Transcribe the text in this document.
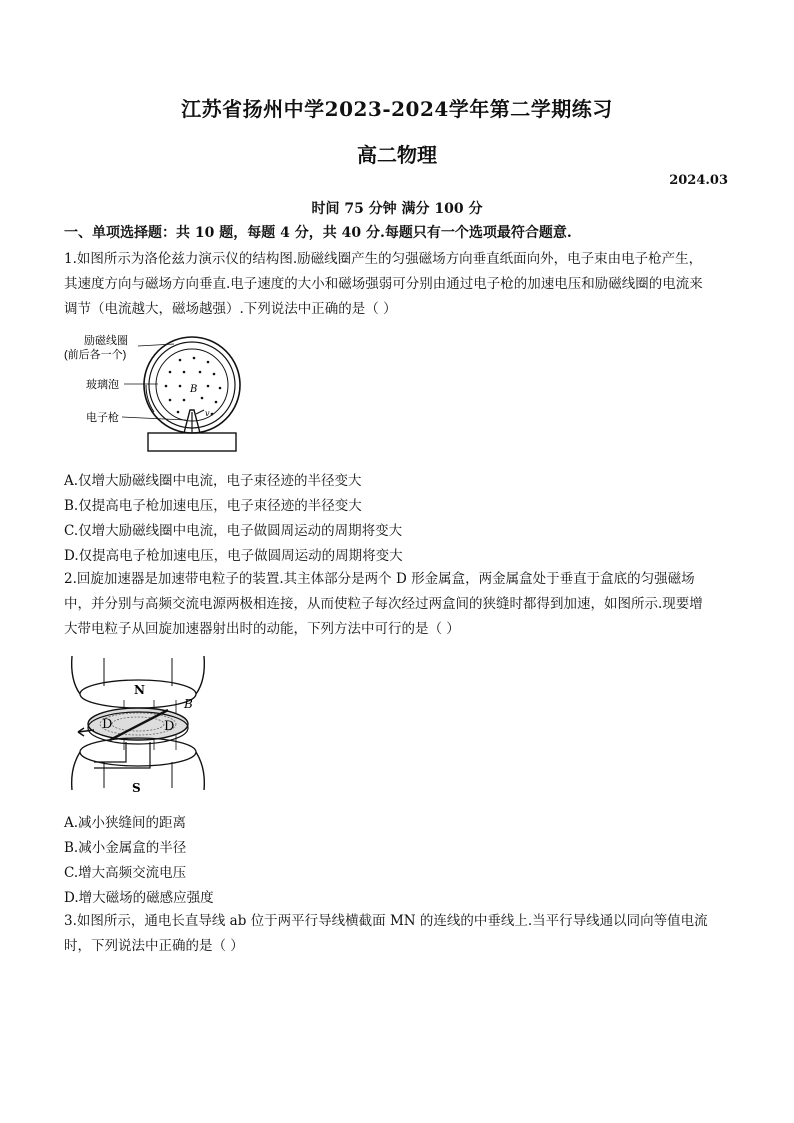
江苏省扬州中学2023-2024学年第二学期练习
高二物理
2024.03
时间 75 分钟 满分 100 分
一、单项选择题：共 10 题，每题 4 分，共 40 分.每题只有一个选项最符合题意.
1.如图所示为洛伦兹力演示仪的结构图.励磁线圈产生的匀强磁场方向垂直纸面向外，电子束由电子枪产生，
其速度方向与磁场方向垂直.电子速度的大小和磁场强弱可分别由通过电子枪的加速电压和励磁线圈的电流来
调节（电流越大，磁场越强）.下列说法中正确的是（ ）
B
v
励磁线圈
(前后各一个)
玻璃泡
电子枪
A.仅增大励磁线圈中电流，电子束径迹的半径变大
B.仅提高电子枪加速电压，电子束径迹的半径变大
C.仅增大励磁线圈中电流，电子做圆周运动的周期将变大
D.仅提高电子枪加速电压，电子做圆周运动的周期将变大
2.回旋加速器是加速带电粒子的装置.其主体部分是两个 D 形金属盒，两金属盒处于垂直于盒底的匀强磁场
中，并分别与高频交流电源两极相连接，从而使粒子每次经过两盒间的狭缝时都得到加速，如图所示.现要增
大带电粒子从回旋加速器射出时的动能，下列方法中可行的是（ ）
N
B
D	D
S
A.减小狭缝间的距离
B.减小金属盒的半径
C.增大高频交流电压
D.增大磁场的磁感应强度
3.如图所示，通电长直导线 ab 位于两平行导线横截面 MN 的连线的中垂线上.当平行导线通以同向等值电流
时，下列说法中正确的是（ ）
